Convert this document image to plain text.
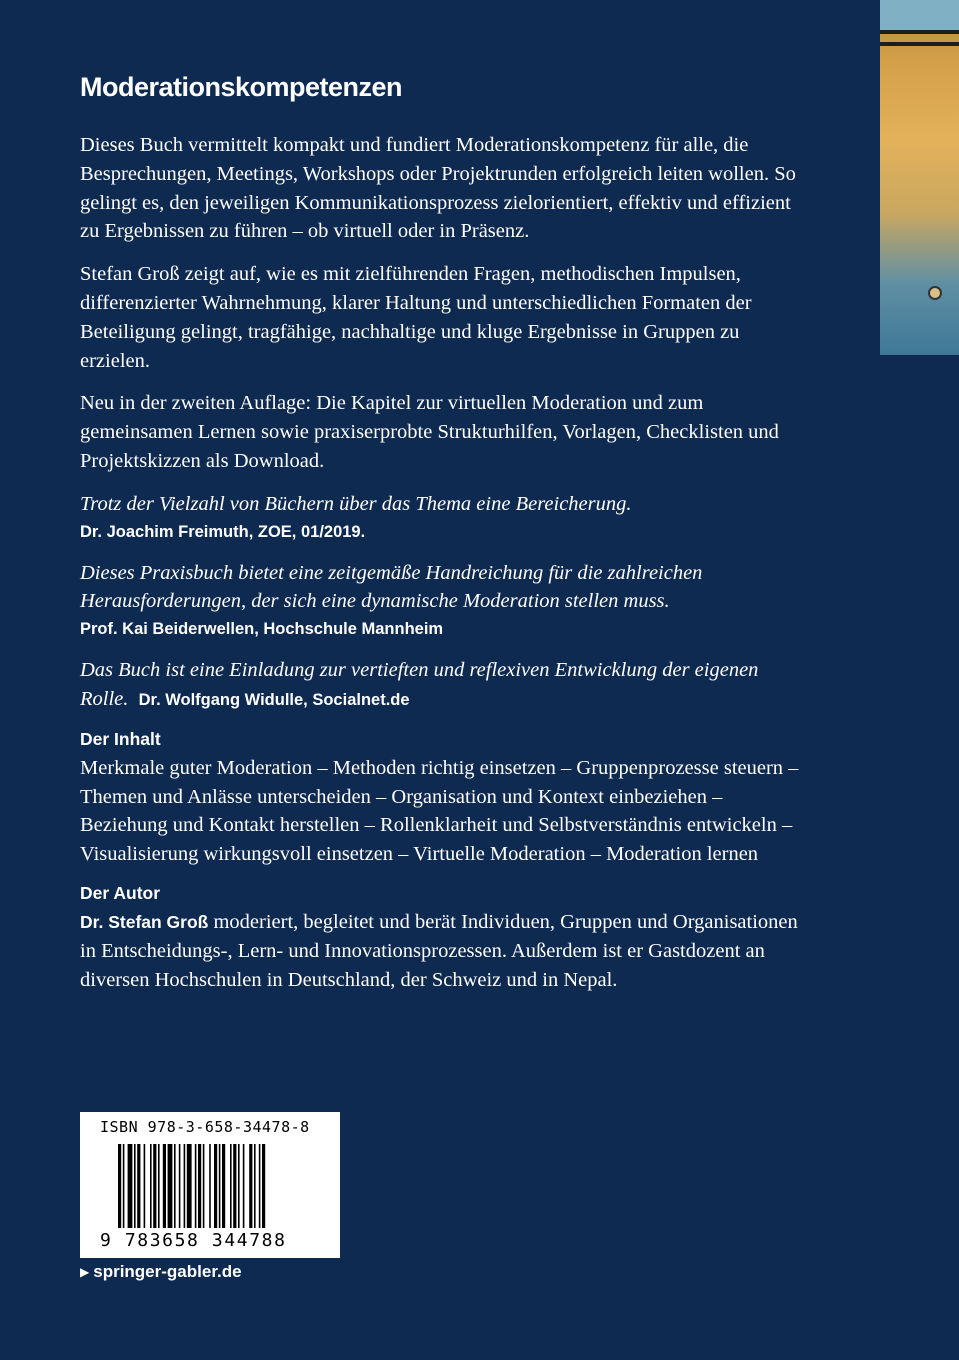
Moderationskompetenzen

Dieses Buch vermittelt kompakt und fundiert Moderationskompetenz für alle, die Besprechungen, Meetings, Workshops oder Projektrunden erfolgreich leiten wollen. So gelingt es, den jeweiligen Kommunikationsprozess zielorientiert, effektiv und effizient zu Ergebnissen zu führen – ob virtuell oder in Präsenz.

Stefan Groß zeigt auf, wie es mit zielführenden Fragen, methodischen Impulsen, differenzierter Wahrnehmung, klarer Haltung und unterschiedlichen Formaten der Beteiligung gelingt, tragfähige, nachhaltige und kluge Ergebnisse in Gruppen zu erzielen.

Neu in der zweiten Auflage: Die Kapitel zur virtuellen Moderation und zum gemeinsamen Lernen sowie praxiserprobte Strukturhilfen, Vorlagen, Checklisten und Projektskizzen als Download.

Trotz der Vielzahl von Büchern über das Thema eine Bereicherung.

Dr. Joachim Freimuth, ZOE, 01/2019.

Dieses Praxisbuch bietet eine zeitgemäße Handreichung für die zahlreichen Herausforderungen, der sich eine dynamische Moderation stellen muss.

Prof. Kai Beiderwellen, Hochschule Mannheim

Das Buch ist eine Einladung zur vertieften und reflexiven Entwicklung der eigenen Rolle. Dr. Wolfgang Widulle, Socialnet.de

Der Inhalt

Merkmale guter Moderation – Methoden richtig einsetzen – Gruppenprozesse steuern – Themen und Anlässe unterscheiden – Organisation und Kontext einbeziehen – Beziehung und Kontakt herstellen – Rollenklarheit und Selbstverständnis entwickeln – Visualisierung wirkungsvoll einsetzen – Virtuelle Moderation – Moderation lernen

Der Autor

Dr. Stefan Groß moderiert, begleitet und berät Individuen, Gruppen und Organisationen in Entscheidungs-, Lern- und Innovationsprozessen. Außerdem ist er Gastdozent an diversen Hochschulen in Deutschland, der Schweiz und in Nepal.

ISBN 978-3-658-34478-8
9 783658 344788
▶ springer-gabler.de
